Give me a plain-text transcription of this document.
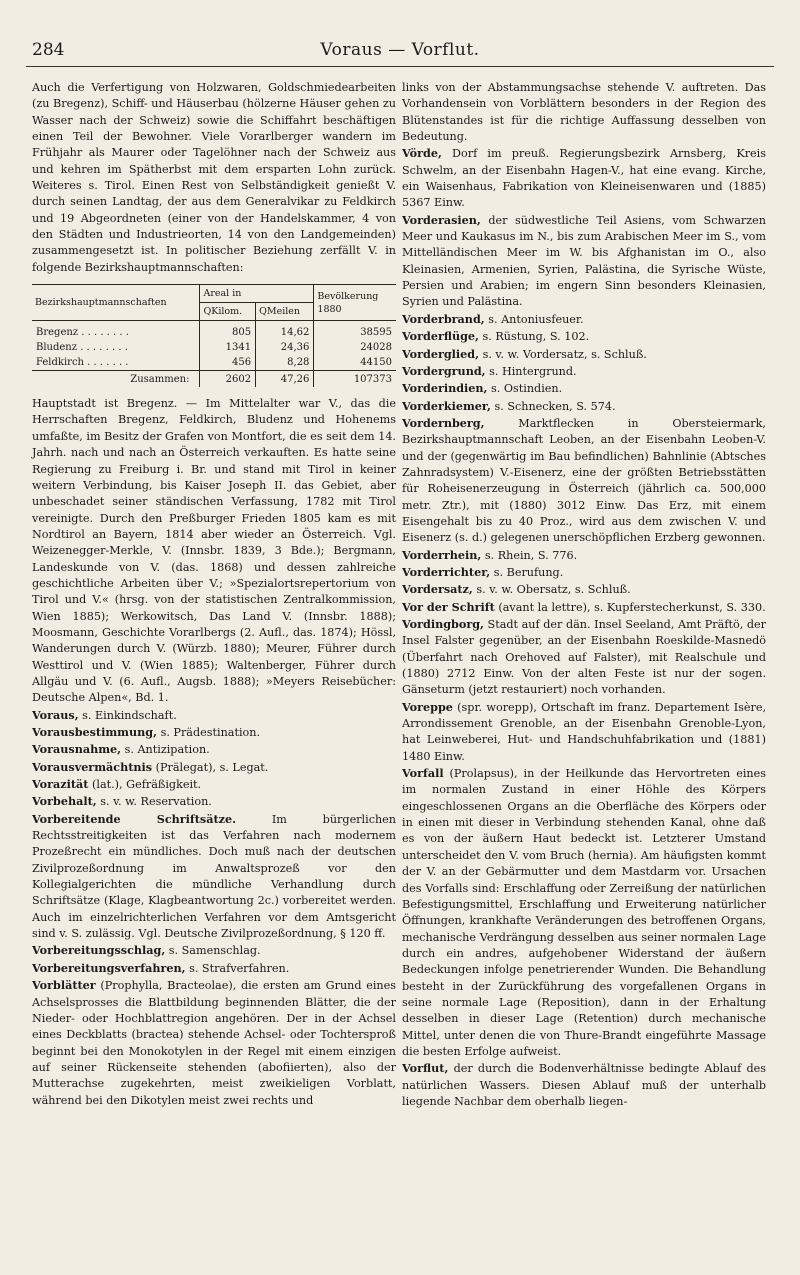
284	Voraus — Vorflut.

Auch die Verfertigung von Holzwaren, Goldschmiedearbeiten (zu Bregenz), Schiff- und Häuserbau (hölzerne Häuser gehen zu Wasser nach der Schweiz) sowie die Schiffahrt beschäftigen einen Teil der Bewohner. Viele Vorarlberger wandern im Frühjahr als Maurer oder Tagelöhner nach der Schweiz aus und kehren im Spätherbst mit dem ersparten Lohn zurück. Weiteres s. Tirol. Einen Rest von Selbständigkeit genießt V. durch seinen Landtag, der aus dem Generalvikar zu Feldkirch und 19 Abgeordneten (einer von der Handelskammer, 4 von den Städten und Industrieorten, 14 von den Landgemeinden) zusammengesetzt ist. In politischer Beziehung zerfällt V. in folgende Bezirkshauptmannschaften:

Bezirkshauptmannschaften	Areal in		Bevölkerung
1880
	QKilom.	QMeilen	

Bregenz . . . . . . . .	805	14,62	38595
Bludenz . . . . . . . .	1341	24,36	24028
Feldkirch . . . . . . .	456	8,28	44150
Zusammen:	2602	47,26	107373

Hauptstadt ist Bregenz. — Im Mittelalter war V., das die Herrschaften Bregenz, Feldkirch, Bludenz und Hohenems umfaßte, im Besitz der Grafen von Montfort, die es seit dem 14. Jahrh. nach und nach an Österreich verkauften. Es hatte seine Regierung zu Freiburg i. Br. und stand mit Tirol in keiner weitern Verbindung, bis Kaiser Joseph II. das Gebiet, aber unbeschadet seiner ständischen Verfassung, 1782 mit Tirol vereinigte. Durch den Preßburger Frieden 1805 kam es mit Nordtirol an Bayern, 1814 aber wieder an Österreich. Vgl. Weizenegger-Merkle, V. (Innsbr. 1839, 3 Bde.); Bergmann, Landeskunde von V. (das. 1868) und dessen zahlreiche geschichtliche Arbeiten über V.; »Spezialortsrepertorium von Tirol und V.« (hrsg. von der statistischen Zentralkommission, Wien 1885); Werkowitsch, Das Land V. (Innsbr. 1888); Moosmann, Geschichte Vorarlbergs (2. Aufl., das. 1874); Hössl, Wanderungen durch V. (Würzb. 1880); Meurer, Führer durch Westtirol und V. (Wien 1885); Waltenberger, Führer durch Allgäu und V. (6. Aufl., Augsb. 1888); »Meyers Reisebücher: Deutsche Alpen«, Bd. 1.

Voraus, s. Einkindschaft.

Vorausbestimmung, s. Prädestination.

Vorausnahme, s. Antizipation.

Vorausvermächtnis (Prälegat), s. Legat.

Vorazität (lat.), Gefräßigkeit.

Vorbehalt, s. v. w. Reservation.

Vorbereitende Schriftsätze. Im bürgerlichen Rechtsstreitigkeiten ist das Verfahren nach modernem Prozeßrecht ein mündliches. Doch muß nach der deutschen Zivilprozeßordnung im Anwaltsprozeß vor den Kollegialgerichten die mündliche Verhandlung durch Schriftsätze (Klage, Klagbeantwortung 2c.) vorbereitet werden. Auch im einzelrichterlichen Verfahren vor dem Amtsgericht sind v. S. zulässig. Vgl. Deutsche Zivilprozeßordnung, § 120 ff.

Vorbereitungsschlag, s. Samenschlag.

Vorbereitungsverfahren, s. Strafverfahren.

Vorblätter (Prophylla, Bracteolae), die ersten am Grund eines Achselsprosses die Blattbildung beginnenden Blätter, die der Nieder- oder Hochblattregion angehören. Der in der Achsel eines Deckblatts (bractea) stehende Achsel- oder Tochtersproß beginnt bei den Monokotylen in der Regel mit einem einzigen auf seiner Rückenseite stehenden (abofiierten), also der Mutterachse zugekehrten, meist zweikieligen Vorblatt, während bei den Dikotylen meist zwei rechts und

links von der Abstammungsachse stehende V. auftreten. Das Vorhandensein von Vorblättern besonders in der Region des Blütenstandes ist für die richtige Auffassung desselben von Bedeutung.

Vörde, Dorf im preuß. Regierungsbezirk Arnsberg, Kreis Schwelm, an der Eisenbahn Hagen-V., hat eine evang. Kirche, ein Waisenhaus, Fabrikation von Kleineisenwaren und (1885) 5367 Einw.

Vorderasien, der südwestliche Teil Asiens, vom Schwarzen Meer und Kaukasus im N., bis zum Arabischen Meer im S., vom Mittelländischen Meer im W. bis Afghanistan im O., also Kleinasien, Armenien, Syrien, Palästina, die Syrische Wüste, Persien und Arabien; im engern Sinn besonders Kleinasien, Syrien und Palästina.

Vorderbrand, s. Antoniusfeuer.

Vorderflüge, s. Rüstung, S. 102.

Vorderglied, s. v. w. Vordersatz, s. Schluß.

Vordergrund, s. Hintergrund.

Vorderindien, s. Ostindien.

Vorderkiemer, s. Schnecken, S. 574.

Vordernberg, Marktflecken in Obersteiermark, Bezirkshauptmannschaft Leoben, an der Eisenbahn Leoben-V. und der (gegenwärtig im Bau befindlichen) Bahnlinie (Abtsches Zahnradsystem) V.-Eisenerz, eine der größten Betriebsstätten für Roheisenerzeugung in Österreich (jährlich ca. 500,000 metr. Ztr.), mit (1880) 3012 Einw. Das Erz, mit einem Eisengehalt bis zu 40 Proz., wird aus dem zwischen V. und Eisenerz (s. d.) gelegenen unerschöpflichen Erzberg gewonnen.

Vorderrhein, s. Rhein, S. 776.

Vorderrichter, s. Berufung.

Vordersatz, s. v. w. Obersatz, s. Schluß.

Vor der Schrift (avant la lettre), s. Kupferstecherkunst, S. 330.

Vordingborg, Stadt auf der dän. Insel Seeland, Amt Präftö, der Insel Falster gegenüber, an der Eisenbahn Roeskilde-Masnedö (Überfahrt nach Orehoved auf Falster), mit Realschule und (1880) 2712 Einw. Von der alten Feste ist nur der sogen. Gänseturm (jetzt restauriert) noch vorhanden.

Voreppe (spr. worepp), Ortschaft im franz. Departement Isère, Arrondissement Grenoble, an der Eisenbahn Grenoble-Lyon, hat Leinweberei, Hut- und Handschuhfabrikation und (1881) 1480 Einw.

Vorfall (Prolapsus), in der Heilkunde das Hervortreten eines im normalen Zustand in einer Höhle des Körpers eingeschlossenen Organs an die Oberfläche des Körpers oder in einen mit dieser in Verbindung stehenden Kanal, ohne daß es von der äußern Haut bedeckt ist. Letzterer Umstand unterscheidet den V. vom Bruch (hernia). Am häufigsten kommt der V. an der Gebärmutter und dem Mastdarm vor. Ursachen des Vorfalls sind: Erschlaffung oder Zerreißung der natürlichen Befestigungsmittel, Erschlaffung und Erweiterung natürlicher Öffnungen, krankhafte Veränderungen des betroffenen Organs, mechanische Verdrängung desselben aus seiner normalen Lage durch ein andres, aufgehobener Widerstand der äußern Bedeckungen infolge penetrierender Wunden. Die Behandlung besteht in der Zurückführung des vorgefallenen Organs in seine normale Lage (Reposition), dann in der Erhaltung desselben in dieser Lage (Retention) durch mechanische Mittel, unter denen die von Thure-Brandt eingeführte Massage die besten Erfolge aufweist.

Vorflut, der durch die Bodenverhältnisse bedingte Ablauf des natürlichen Wassers. Diesen Ablauf muß der unterhalb liegende Nachbar dem oberhalb liegen-
